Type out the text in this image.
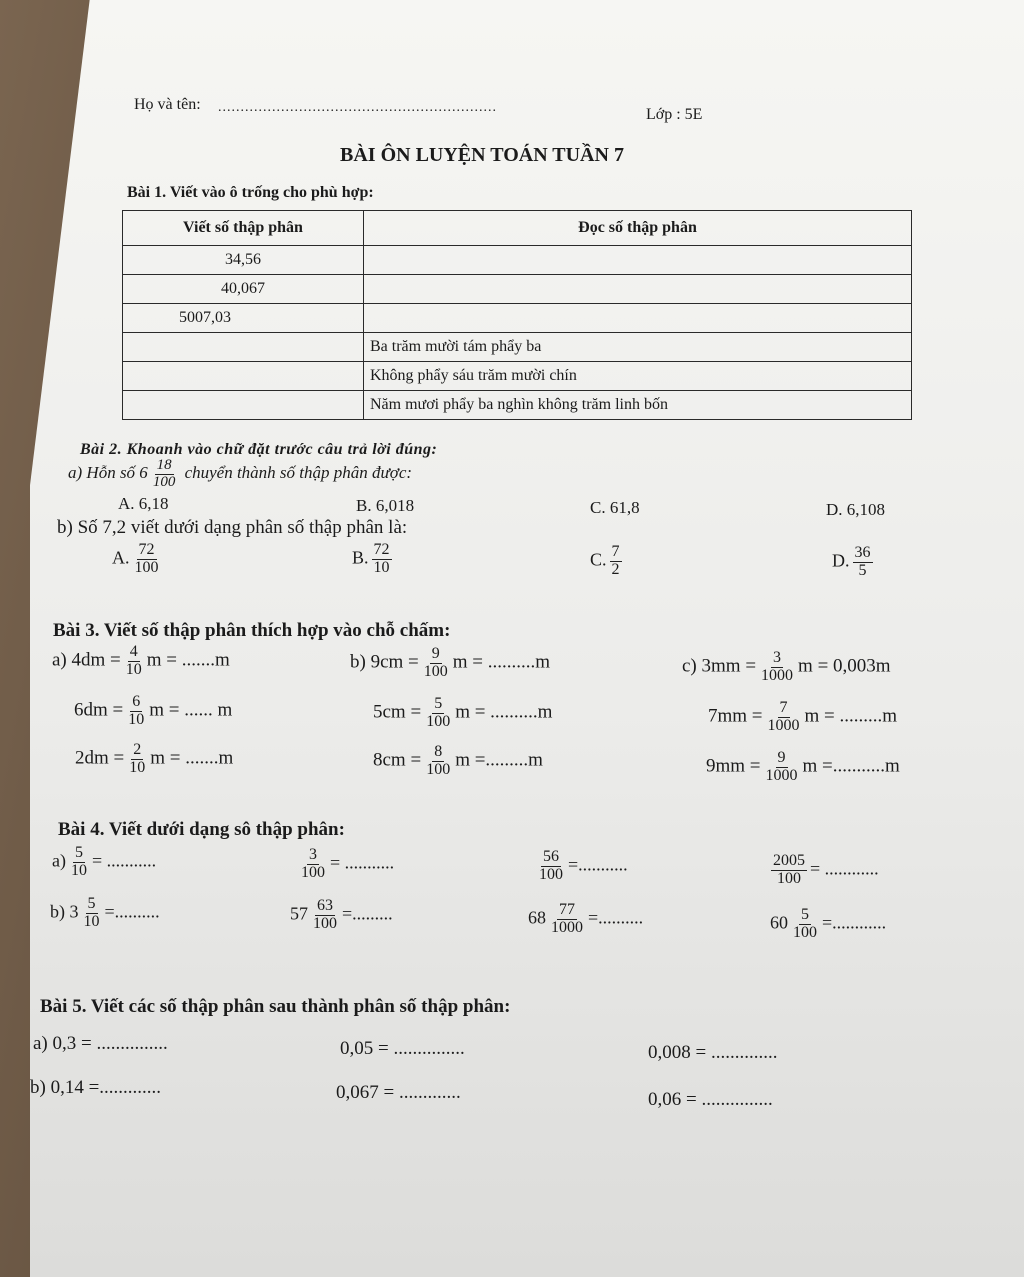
Họ và tên: ..............................................................	Lớp : 5E
BÀI ÔN LUYỆN TOÁN TUẦN 7
Bài 1. Viết vào ô trống cho phù hợp:
Viết số thập phân	Đọc số thập phân
34,56	
40,067	
5007,03	
	Ba trăm mười tám phẩy ba
	Không phẩy sáu trăm mười chín
	Năm mươi phẩy ba nghìn không trăm linh bốn
Bài 2. Khoanh vào chữ đặt trước câu trả lời đúng:
a) Hỗn số $6 \frac{18}{100}$ chuyển thành số thập phân được:
A. 6,18	B. 6,018	C. 61,8	D. 6,108
b) Số 7,2 viết dưới dạng phân số thập phân là:
A. $\frac{72}{100}$	B. $\frac{72}{10}$	C. $\frac{7}{2}$	D. $\frac{36}{5}$
Bài 3. Viết số thập phân thích hợp vào chỗ chấm:
a) $4dm = \frac{4}{10}$ m = .......m	b) $9cm = \frac{9}{100}$ m = ..........m	c) $3mm = \frac{3}{1000}$ m = 0,003m
$6dm = \frac{6}{10}$ m = ...... m	$5cm = \frac{5}{100}$ m = ..........m	$7mm = \frac{7}{1000}$ m = .........m
$2dm = \frac{2}{10}$ m = .......m	$8cm = \frac{8}{100}$ m =.........m	$9mm = \frac{9}{1000}$ m =...........m
Bài 4. Viết dưới dạng sô thập phân:
$a) \frac{5}{10}$ = ...........	$\frac{3}{100}$ = ...........	$\frac{56}{100}$ =...........	$\frac{2005}{100}$ = ............
b) $3 \frac{5}{10}$ =..........	$57 \frac{63}{100}$ =.........	$68 \frac{77}{1000}$ =..........	$60 \frac{5}{100}$ =............
Bài 5. Viết các số thập phân sau thành phân số thập phân:
a) 0,3 = ...............	0,05 = ...............	0,008 = ..............
b) 0,14 =.............	0,067 = .............	0,06 = ...............
